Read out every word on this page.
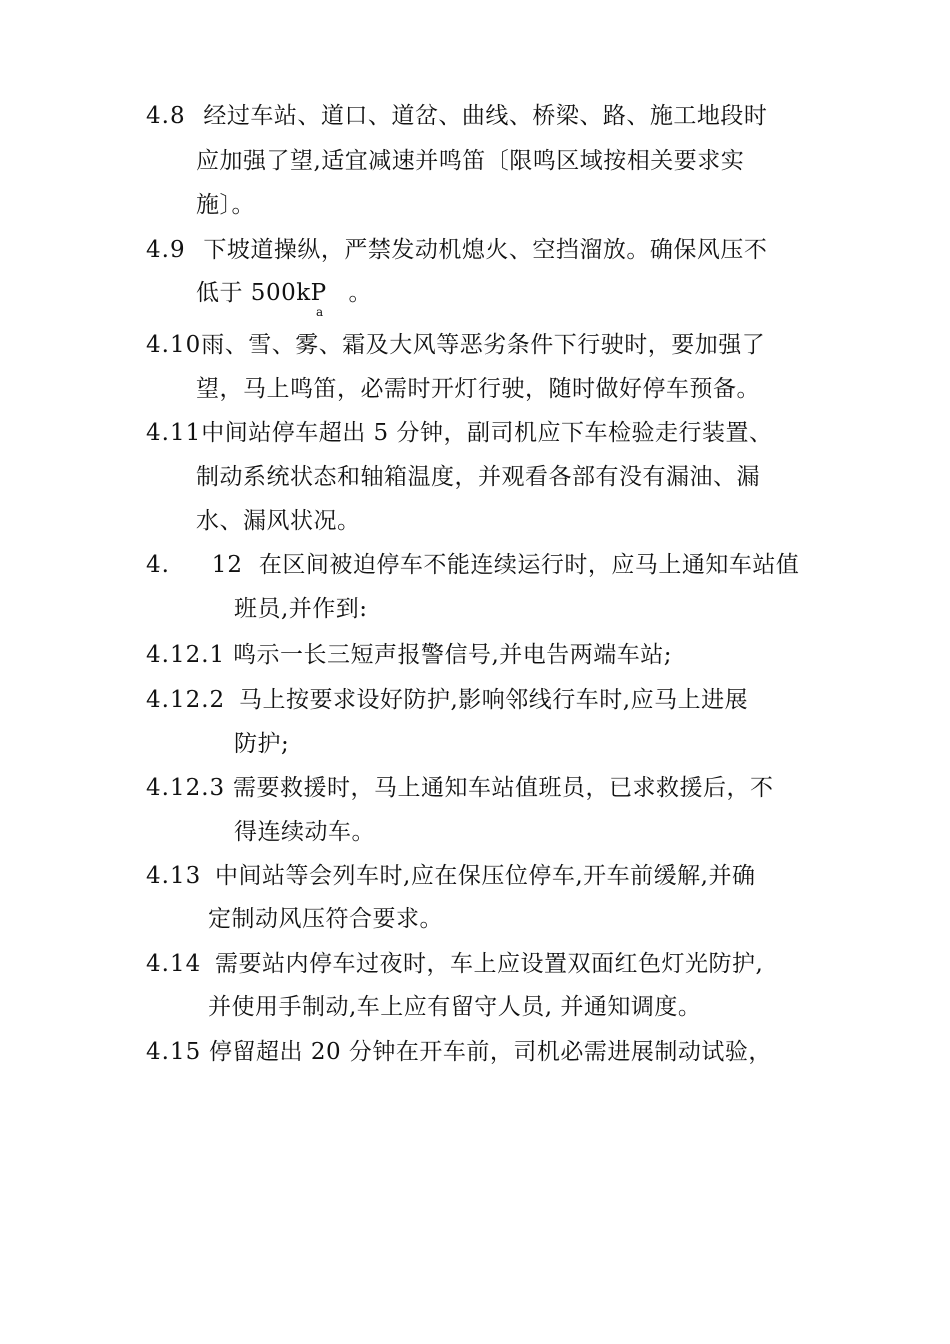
4.8 经过车站、道口、道岔、曲线、桥梁、路、施工地段时
应加强了望,适宜减速并鸣笛〔限鸣区域按相关要求实
施〕。
4.9 下坡道操纵，严禁发动机熄火、空挡溜放。确保风压不
低于 500kP 。
a
4.10雨、雪、雾、霜及大风等恶劣条件下行驶时，要加强了
望，马上鸣笛，必需时开灯行驶，随时做好停车预备。
4.11中间站停车超出 5 分钟，副司机应下车检验走行装置、
制动系统状态和轴箱温度，并观看各部有没有漏油、漏
水、漏风状况。
4. 12 在区间被迫停车不能连续运行时，应马上通知车站值
班员,并作到:
4.12.1 鸣示一长三短声报警信号,并电告两端车站;
4.12.2 马上按要求设好防护,影响邻线行车时,应马上进展
防护;
4.12.3 需要救援时，马上通知车站值班员，已求救援后，不
得连续动车。
4.13 中间站等会列车时,应在保压位停车,开车前缓解,并确
定制动风压符合要求。
4.14 需要站内停车过夜时，车上应设置双面红色灯光防护,
并使用手制动,车上应有留守人员, 并通知调度。
4.15 停留超出 20 分钟在开车前，司机必需进展制动试验，
